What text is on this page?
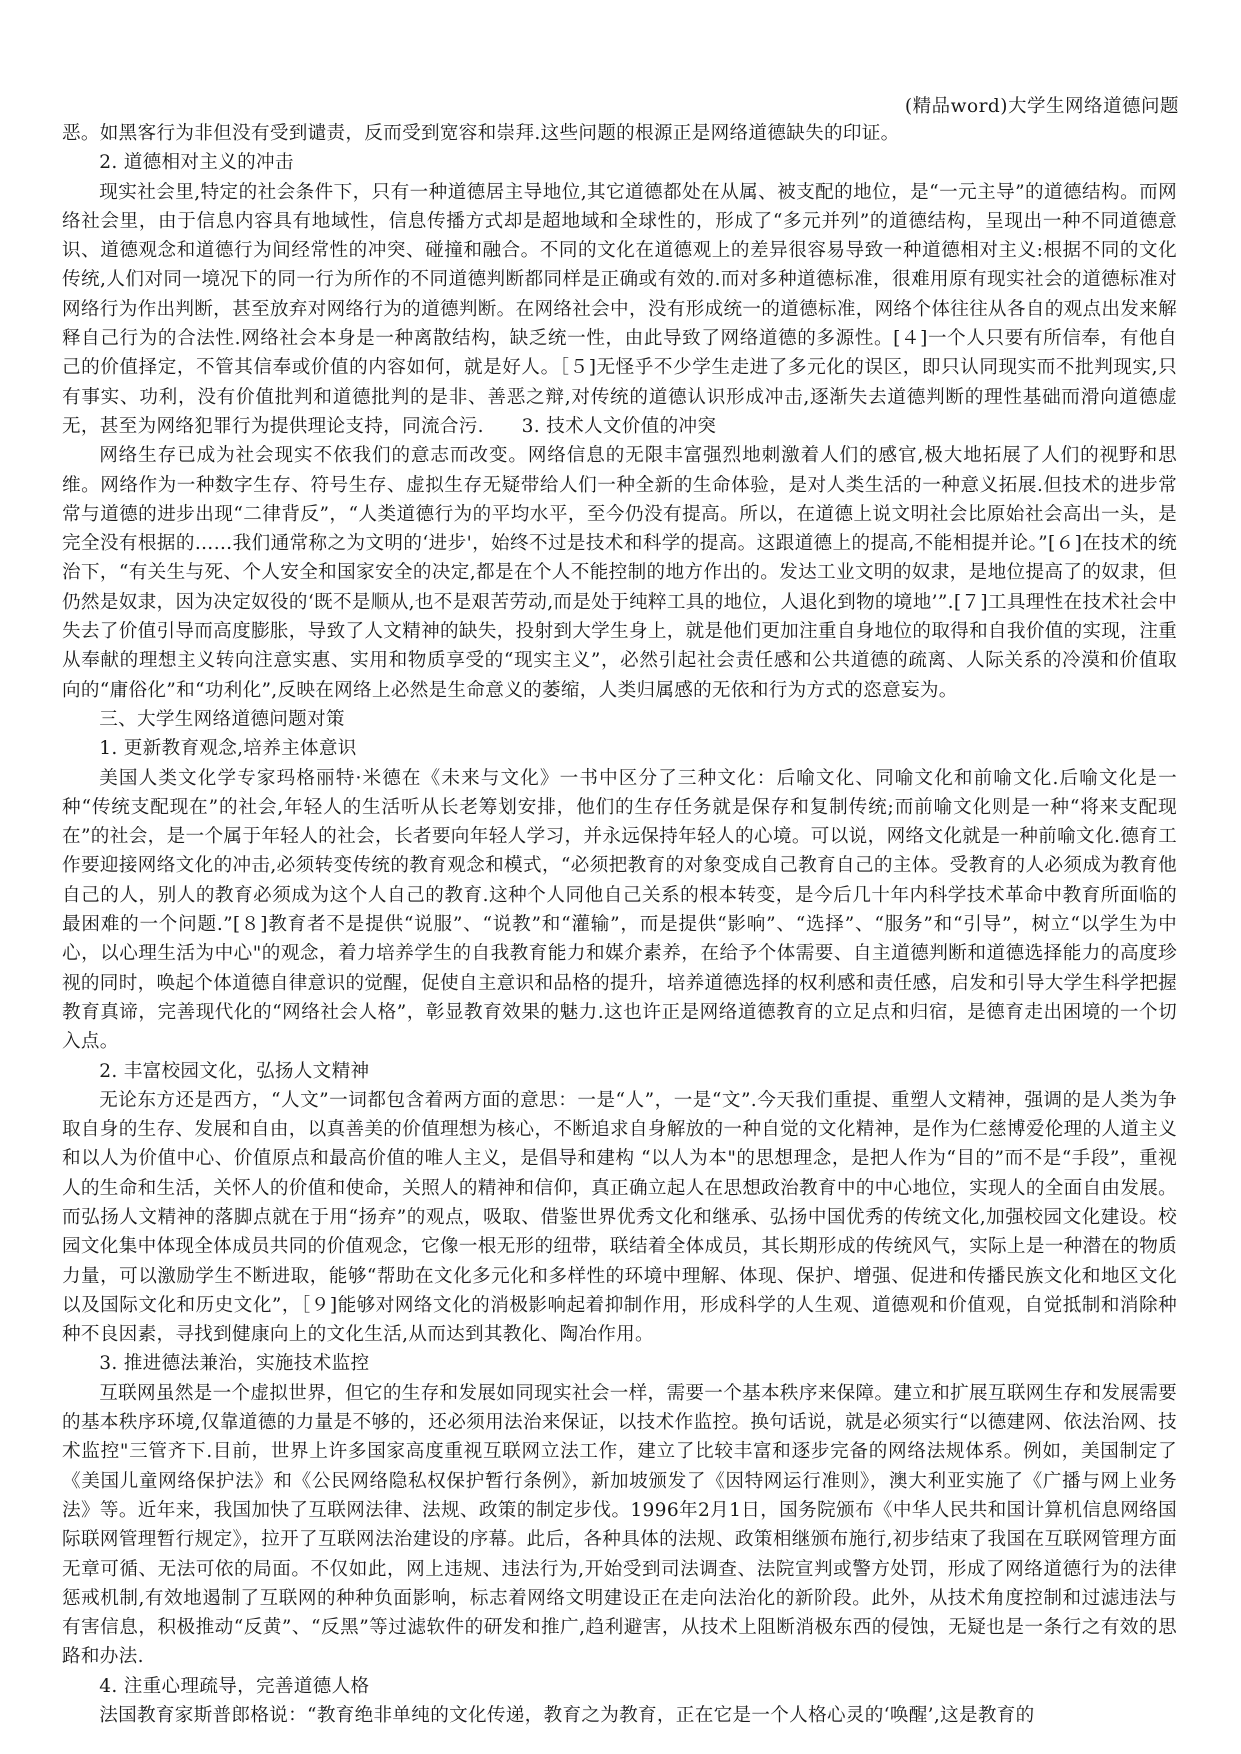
(精品word)大学生网络道德问题

恶。如黑客行为非但没有受到谴责，反而受到宽容和崇拜.这些问题的根源正是网络道德缺失的印证。

2. 道德相对主义的冲击

现实社会里,特定的社会条件下，只有一种道德居主导地位,其它道德都处在从属、被支配的地位，是“一元主导”的道德结构。而网络社会里，由于信息内容具有地域性，信息传播方式却是超地域和全球性的，形成了“多元并列”的道德结构，呈现出一种不同道德意识、道德观念和道德行为间经常性的冲突、碰撞和融合。不同的文化在道德观上的差异很容易导致一种道德相对主义:根据不同的文化传统,人们对同一境况下的同一行为所作的不同道德判断都同样是正确或有效的.而对多种道德标准，很难用原有现实社会的道德标准对网络行为作出判断，甚至放弃对网络行为的道德判断。在网络社会中，没有形成统一的道德标准，网络个体往往从各自的观点出发来解释自己行为的合法性.网络社会本身是一种离散结构，缺乏统一性，由此导致了网络道德的多源性。[４]一个人只要有所信奉，有他自己的价值择定，不管其信奉或价值的内容如何，就是好人。［５]无怪乎不少学生走进了多元化的误区，即只认同现实而不批判现实,只有事实、功利，没有价值批判和道德批判的是非、善恶之辩,对传统的道德认识形成冲击,逐渐失去道德判断的理性基础而滑向道德虚无，甚至为网络犯罪行为提供理论支持，同流合污.　　3. 技术人文价值的冲突

网络生存已成为社会现实不依我们的意志而改变。网络信息的无限丰富强烈地刺激着人们的感官,极大地拓展了人们的视野和思维。网络作为一种数字生存、符号生存、虚拟生存无疑带给人们一种全新的生命体验，是对人类生活的一种意义拓展.但技术的进步常常与道德的进步出现“二律背反”，“人类道德行为的平均水平，至今仍没有提高。所以，在道德上说文明社会比原始社会高出一头，是完全没有根据的……我们通常称之为文明的‘进步'，始终不过是技术和科学的提高。这跟道德上的提高,不能相提并论。”[６]在技术的统治下，“有关生与死、个人安全和国家安全的决定,都是在个人不能控制的地方作出的。发达工业文明的奴隶，是地位提高了的奴隶，但仍然是奴隶，因为决定奴役的‘既不是顺从,也不是艰苦劳动,而是处于纯粹工具的地位，人退化到物的境地’”.[７]工具理性在技术社会中失去了价值引导而高度膨胀，导致了人文精神的缺失，投射到大学生身上，就是他们更加注重自身地位的取得和自我价值的实现，注重从奉献的理想主义转向注意实惠、实用和物质享受的“现实主义”，必然引起社会责任感和公共道德的疏离、人际关系的冷漠和价值取向的“庸俗化”和“功利化”,反映在网络上必然是生命意义的萎缩，人类归属感的无依和行为方式的恣意妄为。

三、大学生网络道德问题对策

1. 更新教育观念,培养主体意识

美国人类文化学专家玛格丽特·米德在《未来与文化》一书中区分了三种文化：后喻文化、同喻文化和前喻文化.后喻文化是一种“传统支配现在”的社会,年轻人的生活听从长老筹划安排，他们的生存任务就是保存和复制传统;而前喻文化则是一种“将来支配现在”的社会，是一个属于年轻人的社会，长者要向年轻人学习，并永远保持年轻人的心境。可以说，网络文化就是一种前喻文化.德育工作要迎接网络文化的冲击,必须转变传统的教育观念和模式，“必须把教育的对象变成自己教育自己的主体。受教育的人必须成为教育他自己的人，别人的教育必须成为这个人自己的教育.这种个人同他自己关系的根本转变，是今后几十年内科学技术革命中教育所面临的最困难的一个问题.”[８]教育者不是提供“说服”、“说教”和“灌输”，而是提供“影响”、“选择”、“服务”和“引导”，树立“以学生为中心，以心理生活为中心"的观念，着力培养学生的自我教育能力和媒介素养，在给予个体需要、自主道德判断和道德选择能力的高度珍视的同时，唤起个体道德自律意识的觉醒，促使自主意识和品格的提升，培养道德选择的权利感和责任感，启发和引导大学生科学把握教育真谛，完善现代化的“网络社会人格”，彰显教育效果的魅力.这也许正是网络道德教育的立足点和归宿，是德育走出困境的一个切入点。

2. 丰富校园文化，弘扬人文精神

无论东方还是西方，“人文”一词都包含着两方面的意思：一是“人”，一是“文”.今天我们重提、重塑人文精神，强调的是人类为争取自身的生存、发展和自由，以真善美的价值理想为核心，不断追求自身解放的一种自觉的文化精神，是作为仁慈博爱伦理的人道主义和以人为价值中心、价值原点和最高价值的唯人主义，是倡导和建构 “以人为本"的思想理念，是把人作为“目的”而不是“手段”，重视人的生命和生活，关怀人的价值和使命，关照人的精神和信仰，真正确立起人在思想政治教育中的中心地位，实现人的全面自由发展。而弘扬人文精神的落脚点就在于用“扬弃”的观点，吸取、借鉴世界优秀文化和继承、弘扬中国优秀的传统文化,加强校园文化建设。校园文化集中体现全体成员共同的价值观念，它像一根无形的纽带，联结着全体成员，其长期形成的传统风气，实际上是一种潜在的物质力量，可以激励学生不断进取，能够“帮助在文化多元化和多样性的环境中理解、体现、保护、增强、促进和传播民族文化和地区文化以及国际文化和历史文化”，［９]能够对网络文化的消极影响起着抑制作用，形成科学的人生观、道德观和价值观，自觉抵制和消除种种不良因素，寻找到健康向上的文化生活,从而达到其教化、陶冶作用。

3. 推进德法兼治，实施技术监控

互联网虽然是一个虚拟世界，但它的生存和发展如同现实社会一样，需要一个基本秩序来保障。建立和扩展互联网生存和发展需要的基本秩序环境,仅靠道德的力量是不够的，还必须用法治来保证，以技术作监控。换句话说，就是必须实行“以德建网、依法治网、技术监控"三管齐下.目前，世界上许多国家高度重视互联网立法工作，建立了比较丰富和逐步完备的网络法规体系。例如，美国制定了《美国儿童网络保护法》和《公民网络隐私权保护暂行条例》，新加坡颁发了《因特网运行准则》，澳大利亚实施了《广播与网上业务法》等。近年来，我国加快了互联网法律、法规、政策的制定步伐。1996年2月1日，国务院颁布《中华人民共和国计算机信息网络国际联网管理暂行规定》，拉开了互联网法治建设的序幕。此后，各种具体的法规、政策相继颁布施行,初步结束了我国在互联网管理方面无章可循、无法可依的局面。不仅如此，网上违规、违法行为,开始受到司法调查、法院宣判或警方处罚，形成了网络道德行为的法律惩戒机制,有效地遏制了互联网的种种负面影响，标志着网络文明建设正在走向法治化的新阶段。此外，从技术角度控制和过滤违法与有害信息，积极推动“反黄”、“反黑”等过滤软件的研发和推广,趋利避害，从技术上阻断消极东西的侵蚀，无疑也是一条行之有效的思路和办法.

4. 注重心理疏导，完善道德人格

法国教育家斯普郎格说：“教育绝非单纯的文化传递，教育之为教育，正在它是一个人格心灵的‘唤醒’,这是教育的
